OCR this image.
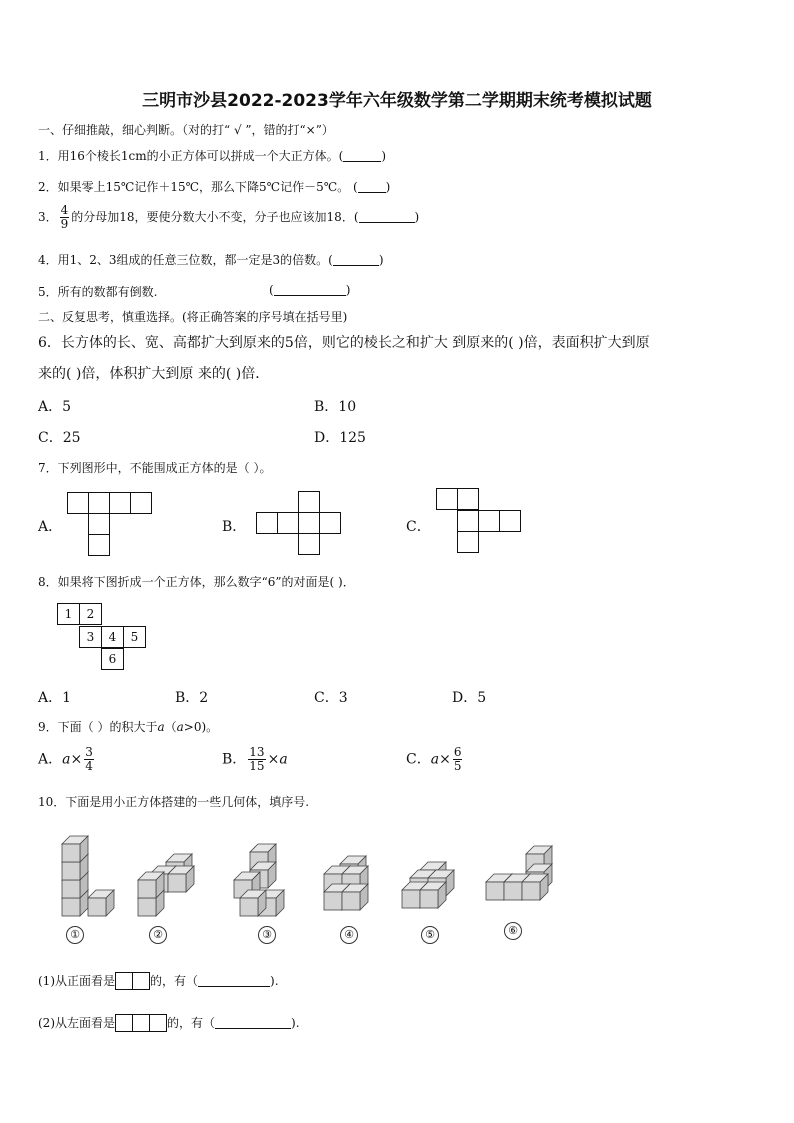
三明市沙县2022-2023学年六年级数学第二学期期末统考模拟试题
一、仔细推敲，细心判断。（对的打“ √ ”，错的打“×”）
1．用16个棱长1cm的小正方体可以拼成一个大正方体。(	)
2．如果零上15℃记作＋15℃，那么下降5℃记作－5℃。 ( )
3． $\frac{4}{9}$ 的分母加18，要使分数大小不变，分子也应该加18．(	)
4．用1、2、3组成的任意三位数，都一定是3的倍数。(	)
5．所有的数都有倒数.	(	)
二、反复思考，慎重选择。(将正确答案的序号填在括号里)
6．长方体的长、宽、高都扩大到原来的5倍，则它的棱长之和扩大 到原来的( )倍，表面积扩大到原
来的( )倍，体积扩大到原 来的( )倍．
A．5	B．10
C．25	D．125
7．下列图形中，不能围成正方体的是（ ）。
A．	B．	C．
8．如果将下图折成一个正方体，那么数字“6”的对面是( )．
1	2
3	4	5
6
A．1	B．2	C．3	D．5
9．下面（ ）的积大于a（a>0)。
A．$a\times \frac{3}{4}$	B． $\frac{13}{15} \times a$	C．$a\times \frac{6}{5}$
10．下面是用小正方体搭建的一些几何体，填序号.
①	②	③	④	⑤	⑥
(1)从正面看是	的，有（	).
(2)从左面看是	的，有（	).
